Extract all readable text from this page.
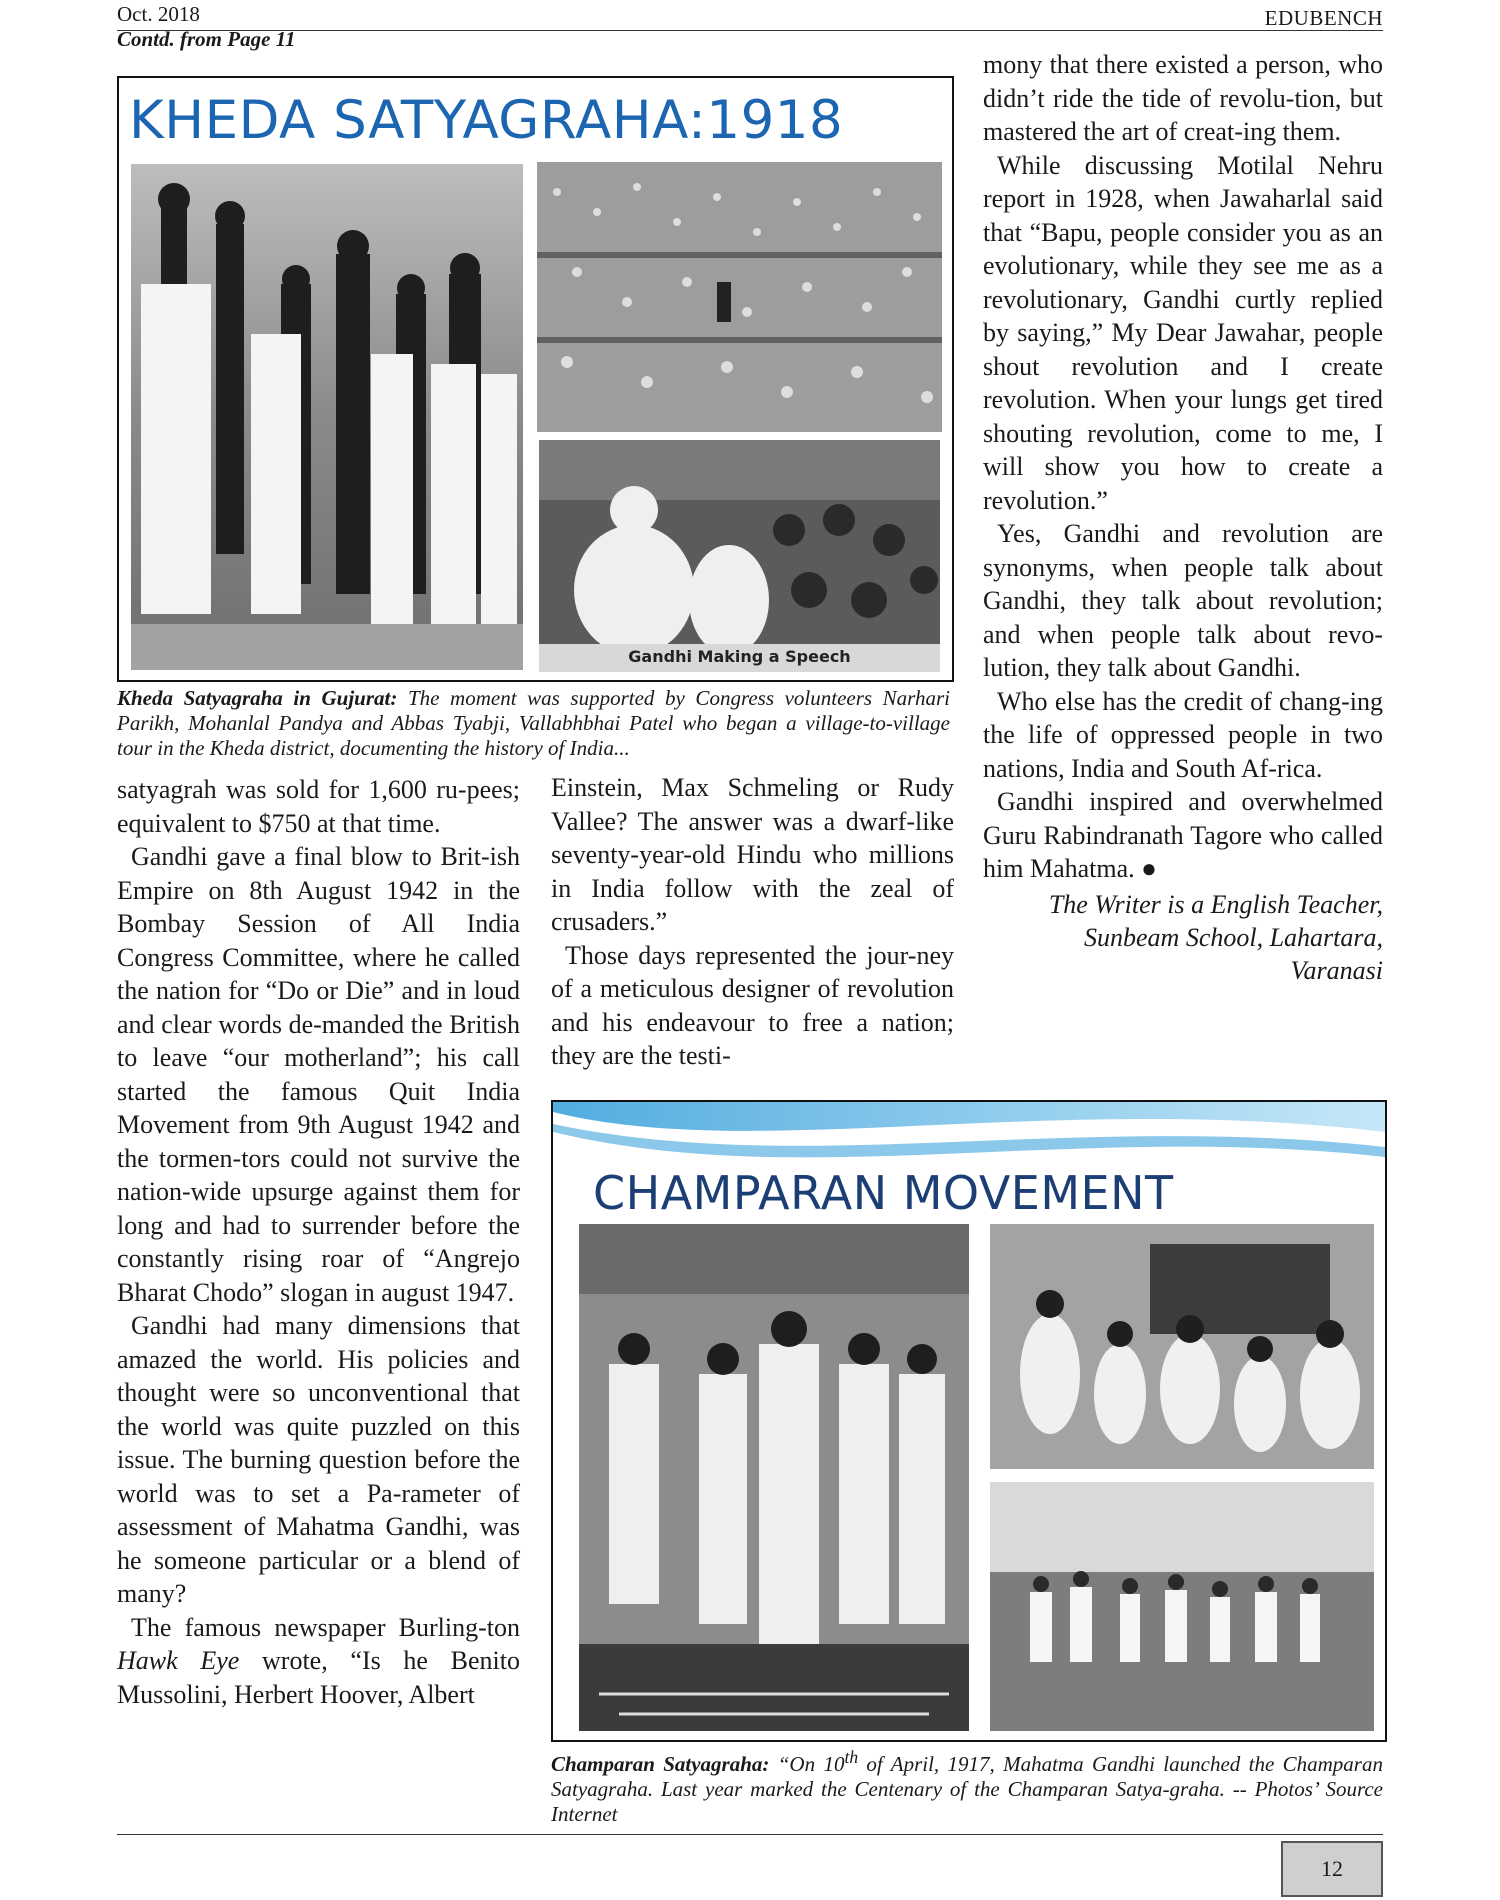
Oct. 2018	EDUBENCH
Contd. from Page 11
KHEDA SATYAGRAHA:1918
Gandhi Making a Speech
Kheda Satyagraha in Gujurat: The moment was supported by Congress volunteers Narhari Parikh, Mohanlal Pandya and Abbas Tyabji, Vallabhbhai Patel who began a village-to-village tour in the Kheda district, documenting the history of India...

satyagrah was sold for 1,600 ru-pees; equivalent to $750 at that time.

Gandhi gave a final blow to Brit-ish Empire on 8th August 1942 in the Bombay Session of All India Congress Committee, where he called the nation for “Do or Die” and in loud and clear words de-manded the British to leave “our motherland”; his call started the famous Quit India Movement from 9th August 1942 and the tormen-tors could not survive the nation-wide upsurge against them for long and had to surrender before the constantly rising roar of “Angrejo Bharat Chodo” slogan in august 1947.

Gandhi had many dimensions that amazed the world. His policies and thought were so unconventional that the world was quite puzzled on this issue. The burning question before the world was to set a Pa-rameter of assessment of Mahatma Gandhi, was he someone particular or a blend of many?

The famous newspaper Burling-ton Hawk Eye wrote, “Is he Benito Mussolini, Herbert Hoover, Albert

Einstein, Max Schmeling or Rudy Vallee? The answer was a dwarf-like seventy-year-old Hindu who millions in India follow with the zeal of crusaders.”

Those days represented the jour-ney of a meticulous designer of revolution and his endeavour to free a nation; they are the testi-

mony that there existed a person, who didn’t ride the tide of revolu-tion, but mastered the art of creat-ing them.

While discussing Motilal Nehru report in 1928, when Jawaharlal said that “Bapu, people consider you as an evolutionary, while they see me as a revolutionary, Gandhi curtly replied by saying,” My Dear Jawahar, people shout revolution and I create revolution. When your lungs get tired shouting revolution, come to me, I will show you how to create a revolution.”

Yes, Gandhi and revolution are synonyms, when people talk about Gandhi, they talk about revolution; and when people talk about revo-lution, they talk about Gandhi.

Who else has the credit of chang-ing the life of oppressed people in two nations, India and South Af-rica.

Gandhi inspired and overwhelmed Guru Rabindranath Tagore who called him Mahatma. ●

The Writer is a English Teacher,
Sunbeam School, Lahartara,
Varanasi
CHAMPARAN MOVEMENT
Champaran Satyagraha: “On 10th of April, 1917, Mahatma Gandhi launched the Champaran Satyagraha. Last year marked the Centenary of the Champaran Satya-graha. -- Photos’ Source Internet
12
